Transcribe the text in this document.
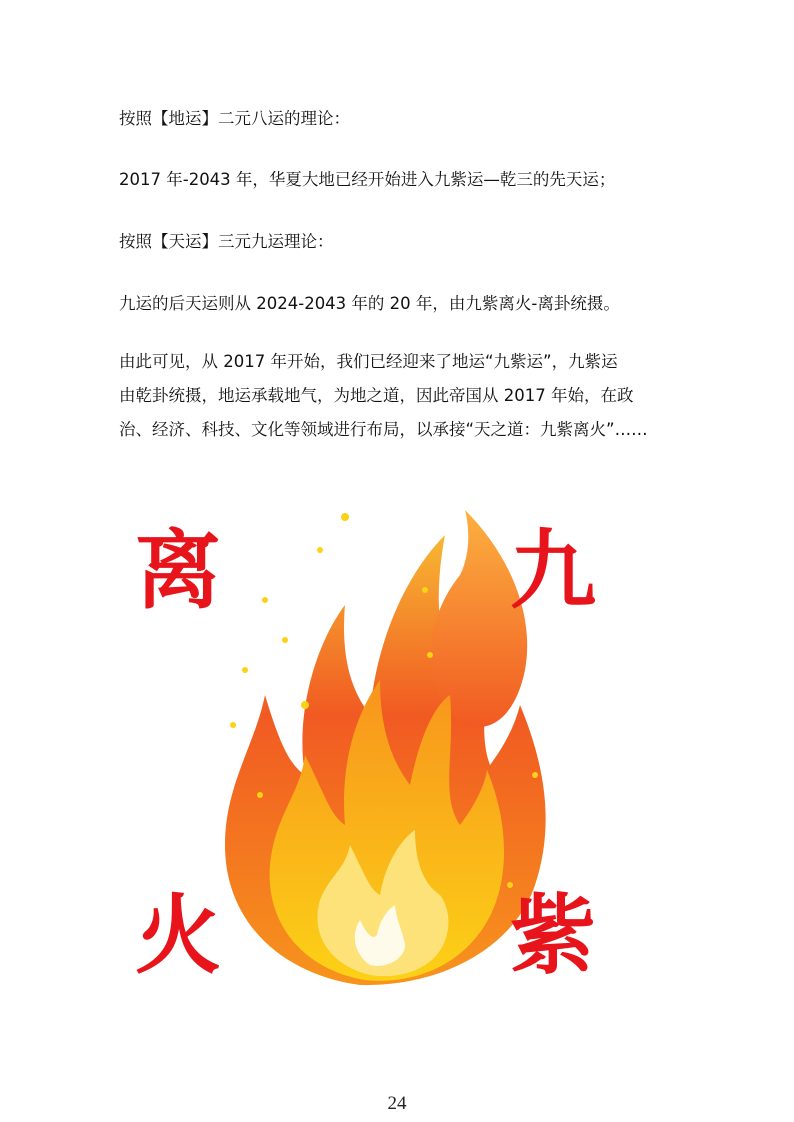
按照【地运】二元八运的理论：

2017 年-2043 年，华夏大地已经开始进入九紫运—乾三的先天运；

按照【天运】三元九运理论：

九运的后天运则从 2024-2043 年的 20 年，由九紫离火-离卦统摄。

由此可见，从 2017 年开始，我们已经迎来了地运“九紫运”，九紫运
由乾卦统摄，地运承载地气，为地之道，因此帝国从 2017 年始，在政
治、经济、科技、文化等领域进行布局，以承接“天之道：九紫离火”……

离	九
火	紫
24
